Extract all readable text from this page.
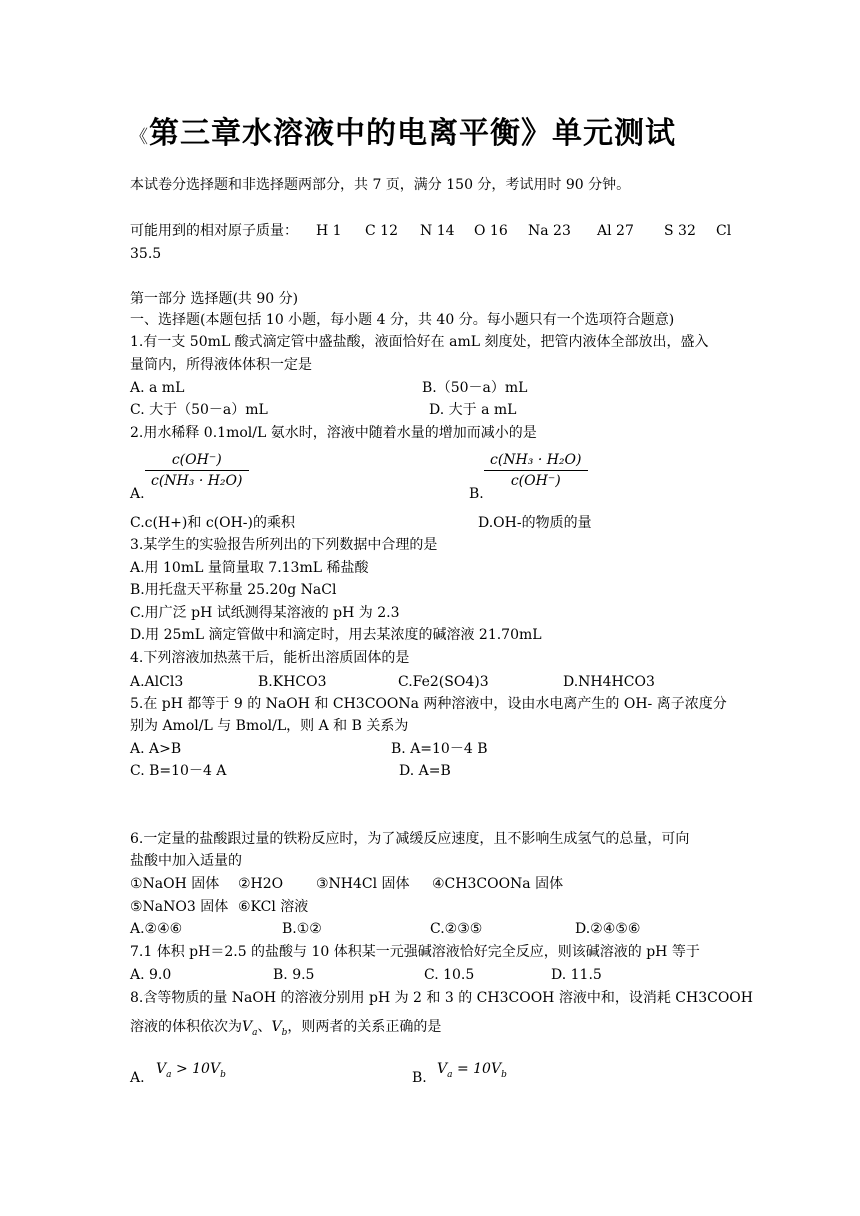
《第三章水溶液中的电离平衡》单元测试
本试卷分选择题和非选择题两部分，共 7 页，满分 150 分，考试用时 90 分钟。
可能用到的相对原子质量： H 1 C 12 N 14 O 16 Na 23 Al 27 S 32 Cl
35.5
第一部分 选择题(共 90 分)
一、选择题(本题包括 10 小题，每小题 4 分，共 40 分。每小题只有一个选项符合题意)
1.有一支 50mL 酸式滴定管中盛盐酸，液面恰好在 amL 刻度处，把管内液体全部放出，盛入
量筒内，所得液体体积一定是
A. a mL	B.（50－a）mL
C. 大于（50－a）mL	D. 大于 a mL
2.用水稀释 0.1mol/L 氨水时，溶液中随着水量的增加而减小的是
$\frac{c(OH^-)}{\text{c(NH₃ · H₂O)}}$
A.
$\frac{\text{c(NH₃ · H₂O)}}{c(OH^-)}$
B.
C.c(H+)和 c(OH-)的乘积	D.OH-的物质的量
3.某学生的实验报告所列出的下列数据中合理的是
A.用 10mL 量筒量取 7.13mL 稀盐酸
B.用托盘天平称量 25.20g NaCl
C.用广泛 pH 试纸测得某溶液的 pH 为 2.3
D.用 25mL 滴定管做中和滴定时，用去某浓度的碱溶液 21.70mL
4.下列溶液加热蒸干后，能析出溶质固体的是
A.AlCl3	B.KHCO3	C.Fe2(SO4)3	D.NH4HCO3
5.在 pH 都等于 9 的 NaOH 和 CH3COONa 两种溶液中，设由水电离产生的 OH- 离子浓度分
别为 Amol/L 与 Bmol/L，则 A 和 B 关系为
A. A>B	B. A=10－4 B
C. B=10－4 A	D. A=B
6.一定量的盐酸跟过量的铁粉反应时，为了减缓反应速度，且不影响生成氢气的总量，可向
盐酸中加入适量的
①NaOH 固体 ②H2O ③NH4Cl 固体 ④CH3COONa 固体
⑤NaNO3 固体 ⑥KCl 溶液
A.②④⑥	B.①②	C.②③⑤	D.②④⑤⑥
7.1 体积 pH＝2.5 的盐酸与 10 体积某一元强碱溶液恰好完全反应，则该碱溶液的 pH 等于
A. 9.0	B. 9.5	C. 10.5	D. 11.5
8.含等物质的量 NaOH 的溶液分别用 pH 为 2 和 3 的 CH3COOH 溶液中和，设消耗 CH3COOH
溶液的体积依次为$V_a$、$V_b$，则两者的关系正确的是
A.
$V_a > 10V_b$	B.
$V_a = 10V_b$
